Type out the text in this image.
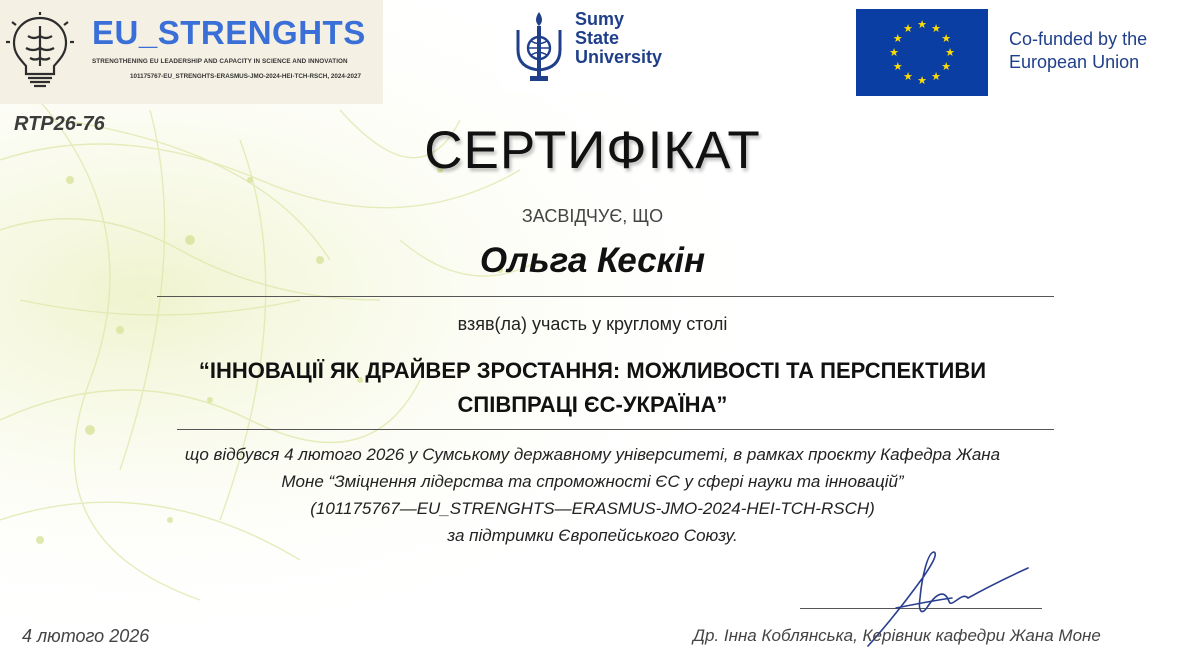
EU_STRENGHTS
STRENGTHENING EU LEADERSHIP AND CAPACITY IN SCIENCE AND INNOVATION
101175767-EU_STRENGHTS-ERASMUS-JMO-2024-HEI-TCH-RSCH, 2024-2027
Sumy
State
University
★ ★
★
★
★
★
★
★
★
★
★
★
Co-funded by the
European Union
RTP26-76	СЕРТИФІКАТ
ЗАСВІДЧУЄ, ЩО
Ольга Кескін
взяв(ла) участь у круглому столі
“ІННОВАЦІЇ ЯК ДРАЙВЕР ЗРОСТАННЯ: МОЖЛИВОСТІ ТА ПЕРСПЕКТИВИ
СПІВПРАЦІ ЄС-УКРАЇНА”
що відбувся 4 лютого 2026 у Сумському державному університеті, в рамках проєкту Кафедра Жана
Моне “Зміцнення лідерства та спроможності ЄС у сфері науки та інновацій”
(101175767—EU_STRENGHTS—ERASMUS-JMO-2024-HEI-TCH-RSCH)
за підтримки Європейського Союзу.
4 лютого 2026	Др. Інна Коблянська, Керівник кафедри Жана Моне
